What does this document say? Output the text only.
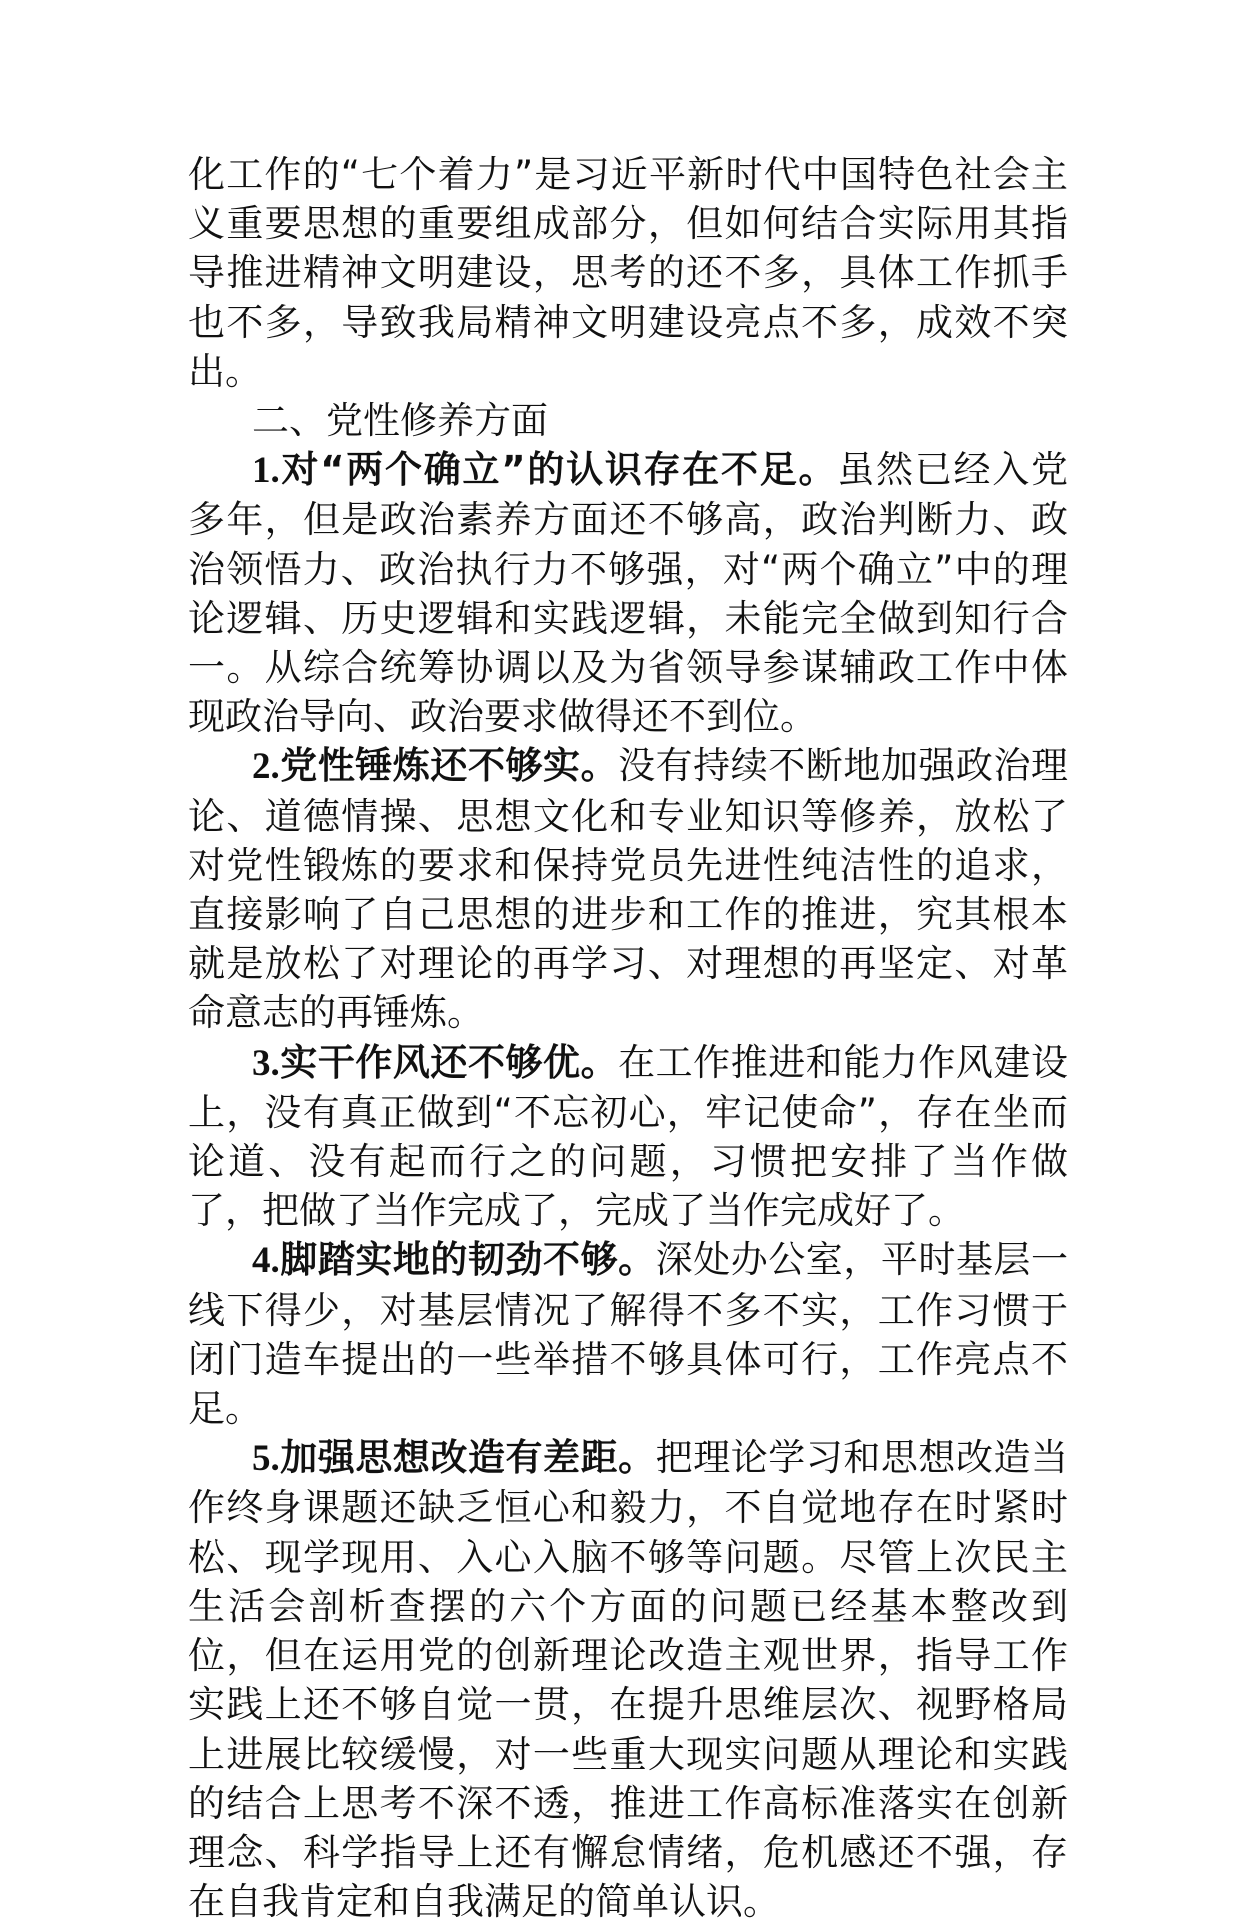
化工作的“七个着力”是习近平新时代中国特色社会主义重要思想的重要组成部分，但如何结合实际用其指导推进精神文明建设，思考的还不多，具体工作抓手也不多，导致我局精神文明建设亮点不多，成效不突出。

二、党性修养方面

1.对“两个确立”的认识存在不足。虽然已经入党多年，但是政治素养方面还不够高，政治判断力、政治领悟力、政治执行力不够强，对“两个确立”中的理论逻辑、历史逻辑和实践逻辑，未能完全做到知行合一。从综合统筹协调以及为省领导参谋辅政工作中体现政治导向、政治要求做得还不到位。

2.党性锤炼还不够实。没有持续不断地加强政治理论、道德情操、思想文化和专业知识等修养，放松了对党性锻炼的要求和保持党员先进性纯洁性的追求，直接影响了自己思想的进步和工作的推进，究其根本就是放松了对理论的再学习、对理想的再坚定、对革命意志的再锤炼。

3.实干作风还不够优。在工作推进和能力作风建设上，没有真正做到“不忘初心，牢记使命”，存在坐而论道、没有起而行之的问题，习惯把安排了当作做了，把做了当作完成了，完成了当作完成好了。

4.脚踏实地的韧劲不够。深处办公室，平时基层一线下得少，对基层情况了解得不多不实，工作习惯于闭门造车提出的一些举措不够具体可行，工作亮点不足。

5.加强思想改造有差距。把理论学习和思想改造当作终身课题还缺乏恒心和毅力，不自觉地存在时紧时松、现学现用、入心入脑不够等问题。尽管上次民主生活会剖析查摆的六个方面的问题已经基本整改到位，但在运用党的创新理论改造主观世界，指导工作实践上还不够自觉一贯，在提升思维层次、视野格局上进展比较缓慢，对一些重大现实问题从理论和实践的结合上思考不深不透，推进工作高标准落实在创新理念、科学指导上还有懈怠情绪，危机感还不强，存在自我肯定和自我满足的简单认识。
